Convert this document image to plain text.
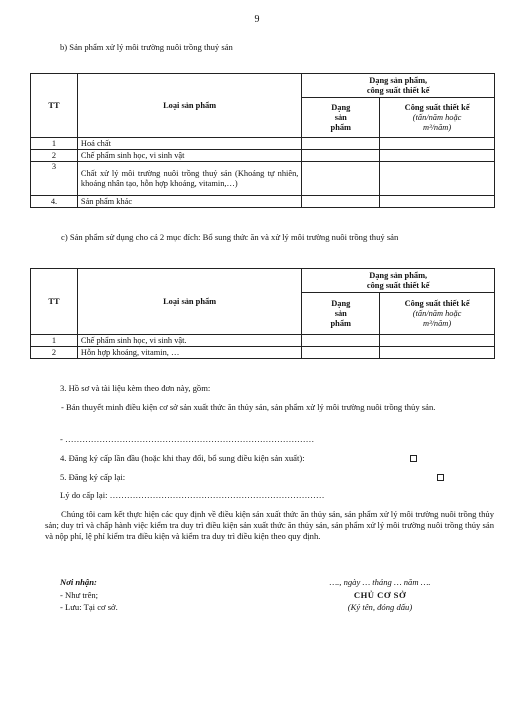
9

b) Sản phẩm xử lý môi trường nuôi trồng thuỷ sản

TT	Loại sản phẩm	Dạng sản phẩm,
công suất thiết kế	
		Dạng
sản
phẩm	Công suất thiết kế
(tấn/năm hoặc
m³/năm)
1	Hoá chất		
2	Chế phẩm sinh học, vi sinh vật		
3	Chất xử lý môi trường nuôi trồng thuỷ sản (Khoáng tự nhiên, khoáng nhân tạo, hỗn hợp khoáng, vitamin,…)		
4.	Sản phẩm khác		

c) Sản phẩm sử dụng cho cả 2 mục đích: Bổ sung thức ăn và xử lý môi trường nuôi trồng thuỷ sản

TT	Loại sản phẩm	Dạng sản phẩm,
công suất thiết kế	
		Dạng
sản
phẩm	Công suất thiết kế
(tấn/năm hoặc
m³/năm)
1	Chế phẩm sinh học, vi sinh vật.		
2	Hỗn hợp khoáng, vitamin, …		

3. Hồ sơ và tài liệu kèm theo đơn này, gồm:

- Bản thuyết minh điều kiện cơ sở sản xuất thức ăn thủy sản, sản phẩm xử lý môi trường nuôi trồng thủy sản.

- ……………………………………………………………………………

4. Đăng ký cấp lần đầu (hoặc khi thay đổi, bổ sung điều kiện sản xuất):

5. Đăng ký cấp lại:

Lý do cấp lại: …………………………………………………………………

Chúng tôi cam kết thực hiện các quy định về điều kiện sản xuất thức ăn thủy sản, sản phẩm xử lý môi trường nuôi trồng thủy sản; duy trì và chấp hành việc kiểm tra duy trì điều kiện sản xuất thức ăn thủy sản, sản phẩm xử lý môi trường nuôi trồng thủy sản và nộp phí, lệ phí kiểm tra điều kiện và kiểm tra duy trì điều kiện theo quy định.

Nơi nhận:
- Như trên;
- Lưu: Tại cơ sở.
…., ngày … tháng … năm ….
CHỦ CƠ SỞ
(Ký tên, đóng dấu)
